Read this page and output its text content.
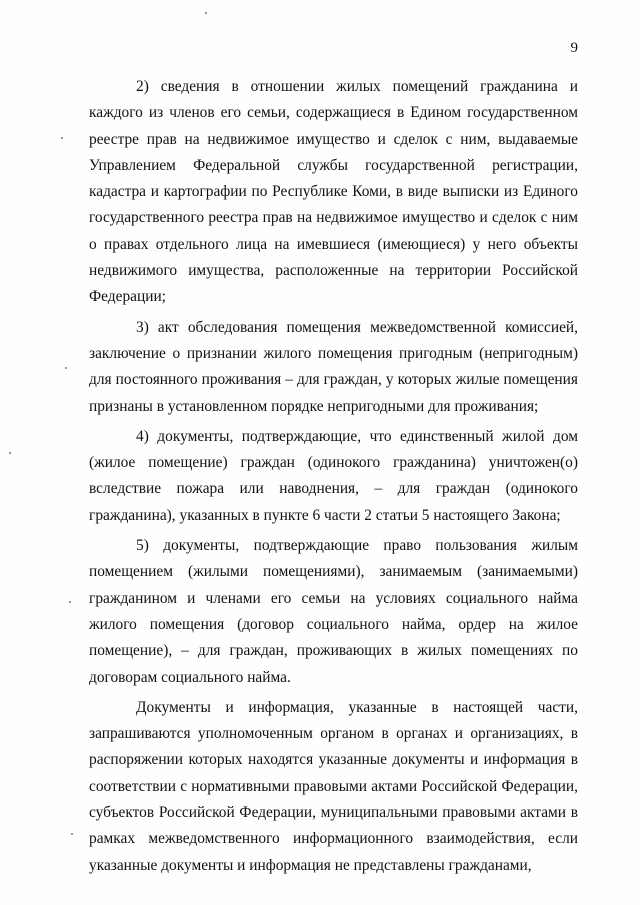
9

2) сведения в отношении жилых помещений гражданина и каждого из членов его семьи, содержащиеся в Едином государственном реестре прав на недвижимое имущество и сделок с ним, выдаваемые Управлением Федеральной службы государственной регистрации, кадастра и картографии по Республике Коми, в виде выписки из Единого государственного реестра прав на недвижимое имущество и сделок с ним о правах отдельного лица на имевшиеся (имеющиеся) у него объекты недвижимого имущества, расположенные на территории Российской Федерации;

3) акт обследования помещения межведомственной комиссией, заключение о признании жилого помещения пригодным (непригодным) для постоянного проживания – для граждан, у которых жилые помещения признаны в установленном порядке непригодными для проживания;

4) документы, подтверждающие, что единственный жилой дом (жилое помещение) граждан (одинокого гражданина) уничтожен(о) вследствие пожара или наводнения, – для граждан (одинокого гражданина), указанных в пункте 6 части 2 статьи 5 настоящего Закона;

5) документы, подтверждающие право пользования жилым помещением (жилыми помещениями), занимаемым (занимаемыми) гражданином и членами его семьи на условиях социального найма жилого помещения (договор социального найма, ордер на жилое помещение), – для граждан, проживающих в жилых помещениях по договорам социального найма.

Документы и информация, указанные в настоящей части, запрашиваются уполномоченным органом в органах и организациях, в распоряжении которых находятся указанные документы и информация в соответствии с нормативными правовыми актами Российской Федерации, субъектов Российской Федерации, муниципальными правовыми актами в рамках межведомственного информационного взаимодействия, если указанные документы и информация не представлены гражданами,
